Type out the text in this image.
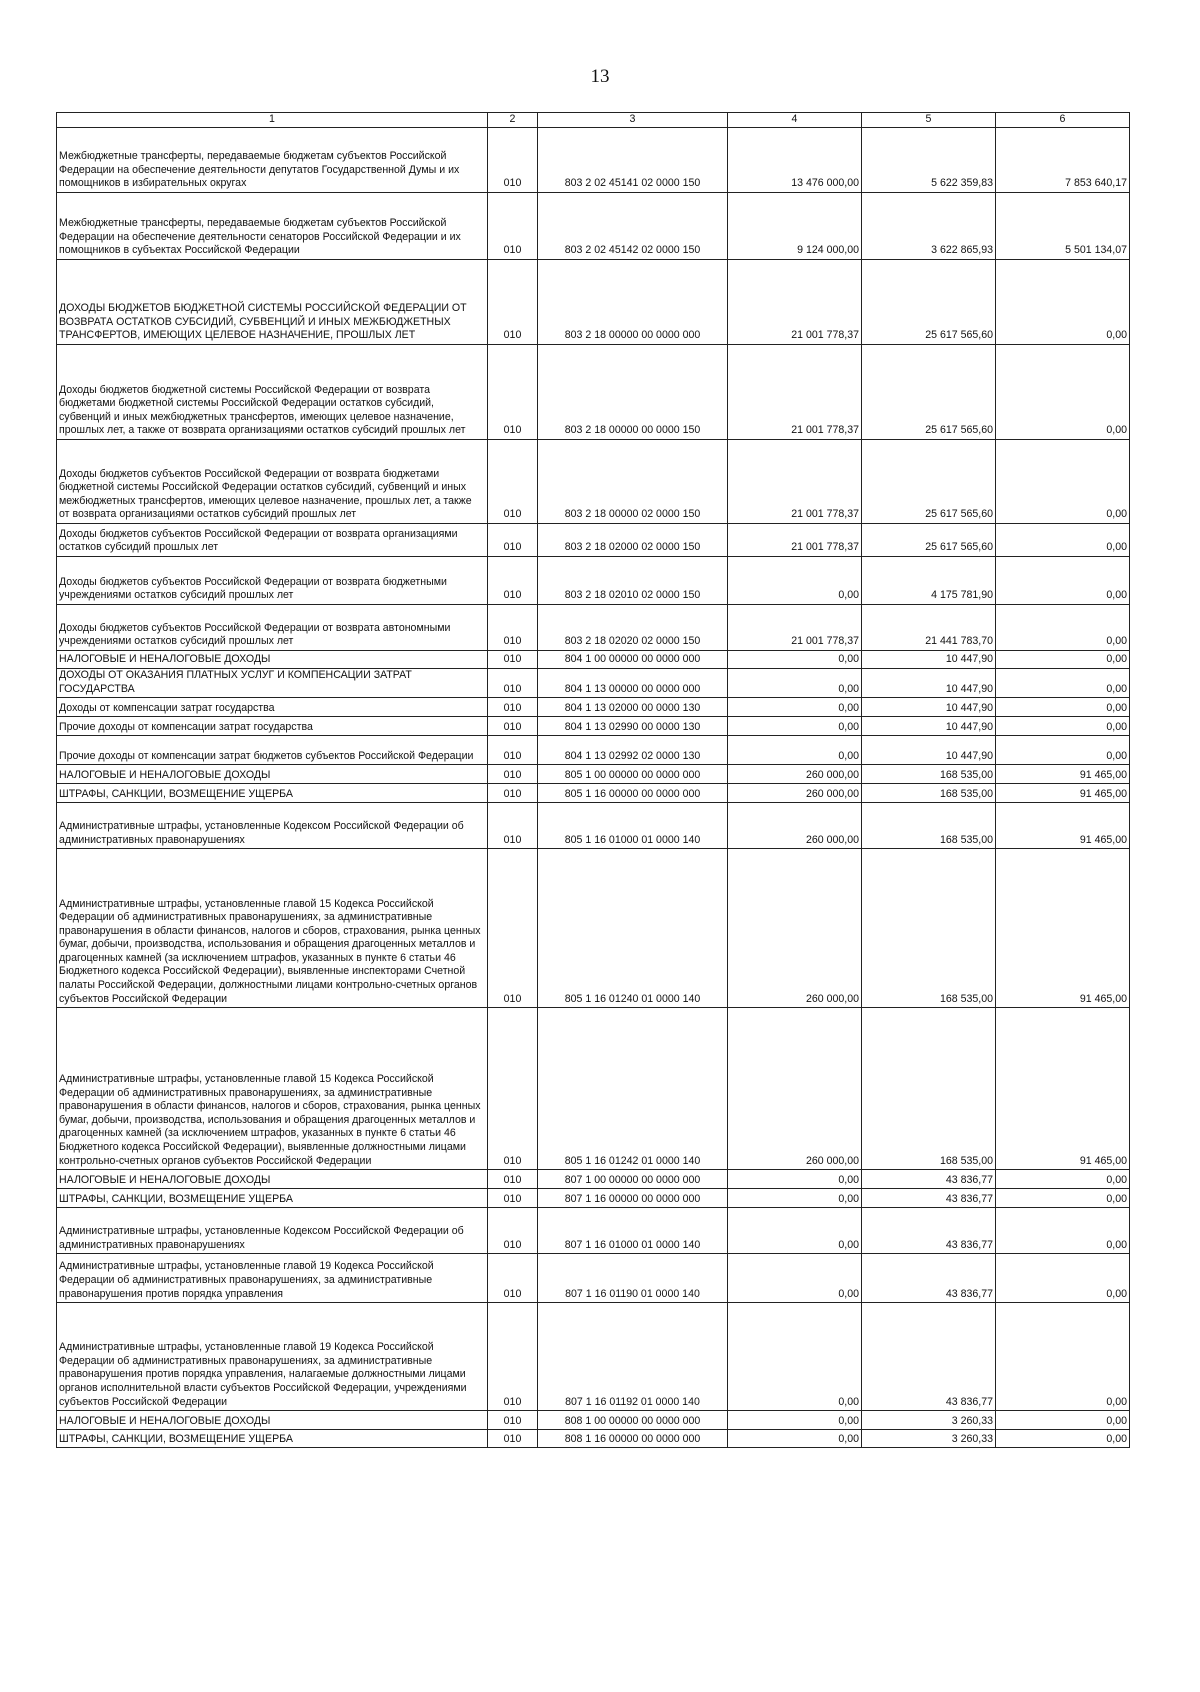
13
1	2	3	4	5	6
Межбюджетные трансферты, передаваемые бюджетам субъектов Российской Федерации на обеспечение деятельности депутатов Государственной Думы и их помощников в избирательных округах	010	803 2 02 45141 02 0000 150	13 476 000,00	5 622 359,83	7 853 640,17
Межбюджетные трансферты, передаваемые бюджетам субъектов Российской Федерации на обеспечение деятельности сенаторов Российской Федерации и их помощников в субъектах Российской Федерации	010	803 2 02 45142 02 0000 150	9 124 000,00	3 622 865,93	5 501 134,07
ДОХОДЫ БЮДЖЕТОВ БЮДЖЕТНОЙ СИСТЕМЫ РОССИЙСКОЙ ФЕДЕРАЦИИ ОТ ВОЗВРАТА ОСТАТКОВ СУБСИДИЙ, СУБВЕНЦИЙ И ИНЫХ МЕЖБЮДЖЕТНЫХ ТРАНСФЕРТОВ, ИМЕЮЩИХ ЦЕЛЕВОЕ НАЗНАЧЕНИЕ, ПРОШЛЫХ ЛЕТ	010	803 2 18 00000 00 0000 000	21 001 778,37	25 617 565,60	0,00
Доходы бюджетов бюджетной системы Российской Федерации от возврата бюджетами бюджетной системы Российской Федерации остатков субсидий, субвенций и иных межбюджетных трансфертов, имеющих целевое назначение, прошлых лет, а также от возврата организациями остатков субсидий прошлых лет	010	803 2 18 00000 00 0000 150	21 001 778,37	25 617 565,60	0,00
Доходы бюджетов субъектов Российской Федерации от возврата бюджетами бюджетной системы Российской Федерации остатков субсидий, субвенций и иных межбюджетных трансфертов, имеющих целевое назначение, прошлых лет, а также от возврата организациями остатков субсидий прошлых лет	010	803 2 18 00000 02 0000 150	21 001 778,37	25 617 565,60	0,00
Доходы бюджетов субъектов Российской Федерации от возврата организациями остатков субсидий прошлых лет	010	803 2 18 02000 02 0000 150	21 001 778,37	25 617 565,60	0,00
Доходы бюджетов субъектов Российской Федерации от возврата бюджетными учреждениями остатков субсидий прошлых лет	010	803 2 18 02010 02 0000 150	0,00	4 175 781,90	0,00
Доходы бюджетов субъектов Российской Федерации от возврата автономными учреждениями остатков субсидий прошлых лет	010	803 2 18 02020 02 0000 150	21 001 778,37	21 441 783,70	0,00
НАЛОГОВЫЕ И НЕНАЛОГОВЫЕ ДОХОДЫ	010	804 1 00 00000 00 0000 000	0,00	10 447,90	0,00
ДОХОДЫ ОТ ОКАЗАНИЯ ПЛАТНЫХ УСЛУГ И КОМПЕНСАЦИИ ЗАТРАТ ГОСУДАРСТВА	010	804 1 13 00000 00 0000 000	0,00	10 447,90	0,00
Доходы от компенсации затрат государства	010	804 1 13 02000 00 0000 130	0,00	10 447,90	0,00
Прочие доходы от компенсации затрат государства	010	804 1 13 02990 00 0000 130	0,00	10 447,90	0,00
Прочие доходы от компенсации затрат бюджетов субъектов Российской Федерации	010	804 1 13 02992 02 0000 130	0,00	10 447,90	0,00
НАЛОГОВЫЕ И НЕНАЛОГОВЫЕ ДОХОДЫ	010	805 1 00 00000 00 0000 000	260 000,00	168 535,00	91 465,00
ШТРАФЫ, САНКЦИИ, ВОЗМЕЩЕНИЕ УЩЕРБА	010	805 1 16 00000 00 0000 000	260 000,00	168 535,00	91 465,00
Административные штрафы, установленные Кодексом Российской Федерации об административных правонарушениях	010	805 1 16 01000 01 0000 140	260 000,00	168 535,00	91 465,00
Административные штрафы, установленные главой 15 Кодекса Российской Федерации об административных правонарушениях, за административные правонарушения в области финансов, налогов и сборов, страхования, рынка ценных бумаг, добычи, производства, использования и обращения драгоценных металлов и драгоценных камней (за исключением штрафов, указанных в пункте 6 статьи 46 Бюджетного кодекса Российской Федерации), выявленные инспекторами Счетной палаты Российской Федерации, должностными лицами контрольно-счетных органов субъектов Российской Федерации	010	805 1 16 01240 01 0000 140	260 000,00	168 535,00	91 465,00
Административные штрафы, установленные главой 15 Кодекса Российской Федерации об административных правонарушениях, за административные правонарушения в области финансов, налогов и сборов, страхования, рынка ценных бумаг, добычи, производства, использования и обращения драгоценных металлов и драгоценных камней (за исключением штрафов, указанных в пункте 6 статьи 46 Бюджетного кодекса Российской Федерации), выявленные должностными лицами контрольно-счетных органов субъектов Российской Федерации	010	805 1 16 01242 01 0000 140	260 000,00	168 535,00	91 465,00
НАЛОГОВЫЕ И НЕНАЛОГОВЫЕ ДОХОДЫ	010	807 1 00 00000 00 0000 000	0,00	43 836,77	0,00
ШТРАФЫ, САНКЦИИ, ВОЗМЕЩЕНИЕ УЩЕРБА	010	807 1 16 00000 00 0000 000	0,00	43 836,77	0,00
Административные штрафы, установленные Кодексом Российской Федерации об административных правонарушениях	010	807 1 16 01000 01 0000 140	0,00	43 836,77	0,00
Административные штрафы, установленные главой 19 Кодекса Российской Федерации об административных правонарушениях, за административные правонарушения против порядка управления	010	807 1 16 01190 01 0000 140	0,00	43 836,77	0,00
Административные штрафы, установленные главой 19 Кодекса Российской Федерации об административных правонарушениях, за административные правонарушения против порядка управления, налагаемые должностными лицами органов исполнительной власти субъектов Российской Федерации, учреждениями субъектов Российской Федерации	010	807 1 16 01192 01 0000 140	0,00	43 836,77	0,00
НАЛОГОВЫЕ И НЕНАЛОГОВЫЕ ДОХОДЫ	010	808 1 00 00000 00 0000 000	0,00	3 260,33	0,00
ШТРАФЫ, САНКЦИИ, ВОЗМЕЩЕНИЕ УЩЕРБА	010	808 1 16 00000 00 0000 000	0,00	3 260,33	0,00
